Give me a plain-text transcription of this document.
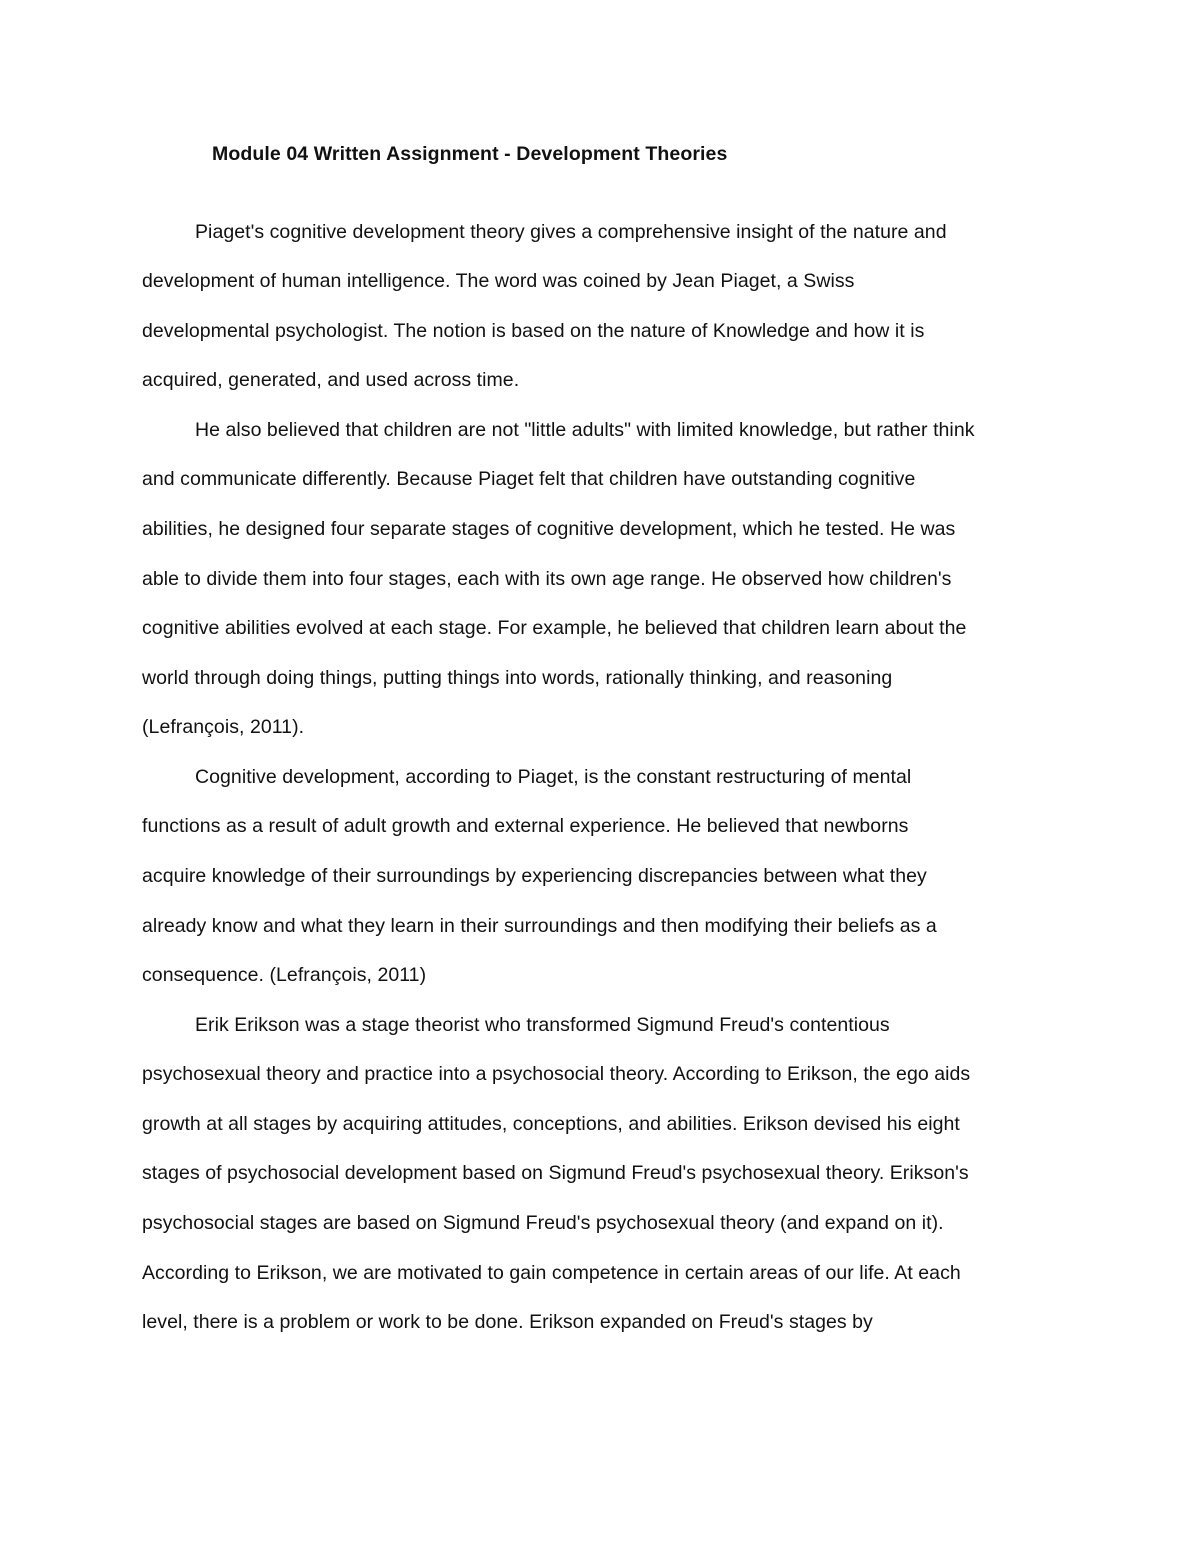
Module 04 Written Assignment - Development Theories
Piaget's cognitive development theory gives a comprehensive insight of the nature and
development of human intelligence. The word was coined by Jean Piaget, a Swiss
developmental psychologist. The notion is based on the nature of Knowledge and how it is
acquired, generated, and used across time.
He also believed that children are not "little adults" with limited knowledge, but rather think
and communicate differently. Because Piaget felt that children have outstanding cognitive
abilities, he designed four separate stages of cognitive development, which he tested. He was
able to divide them into four stages, each with its own age range. He observed how children's
cognitive abilities evolved at each stage. For example, he believed that children learn about the
world through doing things, putting things into words, rationally thinking, and reasoning
(Lefrançois, 2011).
Cognitive development, according to Piaget, is the constant restructuring of mental
functions as a result of adult growth and external experience. He believed that newborns
acquire knowledge of their surroundings by experiencing discrepancies between what they
already know and what they learn in their surroundings and then modifying their beliefs as a
consequence. (Lefrançois, 2011)
Erik Erikson was a stage theorist who transformed Sigmund Freud's contentious
psychosexual theory and practice into a psychosocial theory. According to Erikson, the ego aids
growth at all stages by acquiring attitudes, conceptions, and abilities. Erikson devised his eight
stages of psychosocial development based on Sigmund Freud's psychosexual theory. Erikson's
psychosocial stages are based on Sigmund Freud's psychosexual theory (and expand on it).
According to Erikson, we are motivated to gain competence in certain areas of our life. At each
level, there is a problem or work to be done. Erikson expanded on Freud's stages by
